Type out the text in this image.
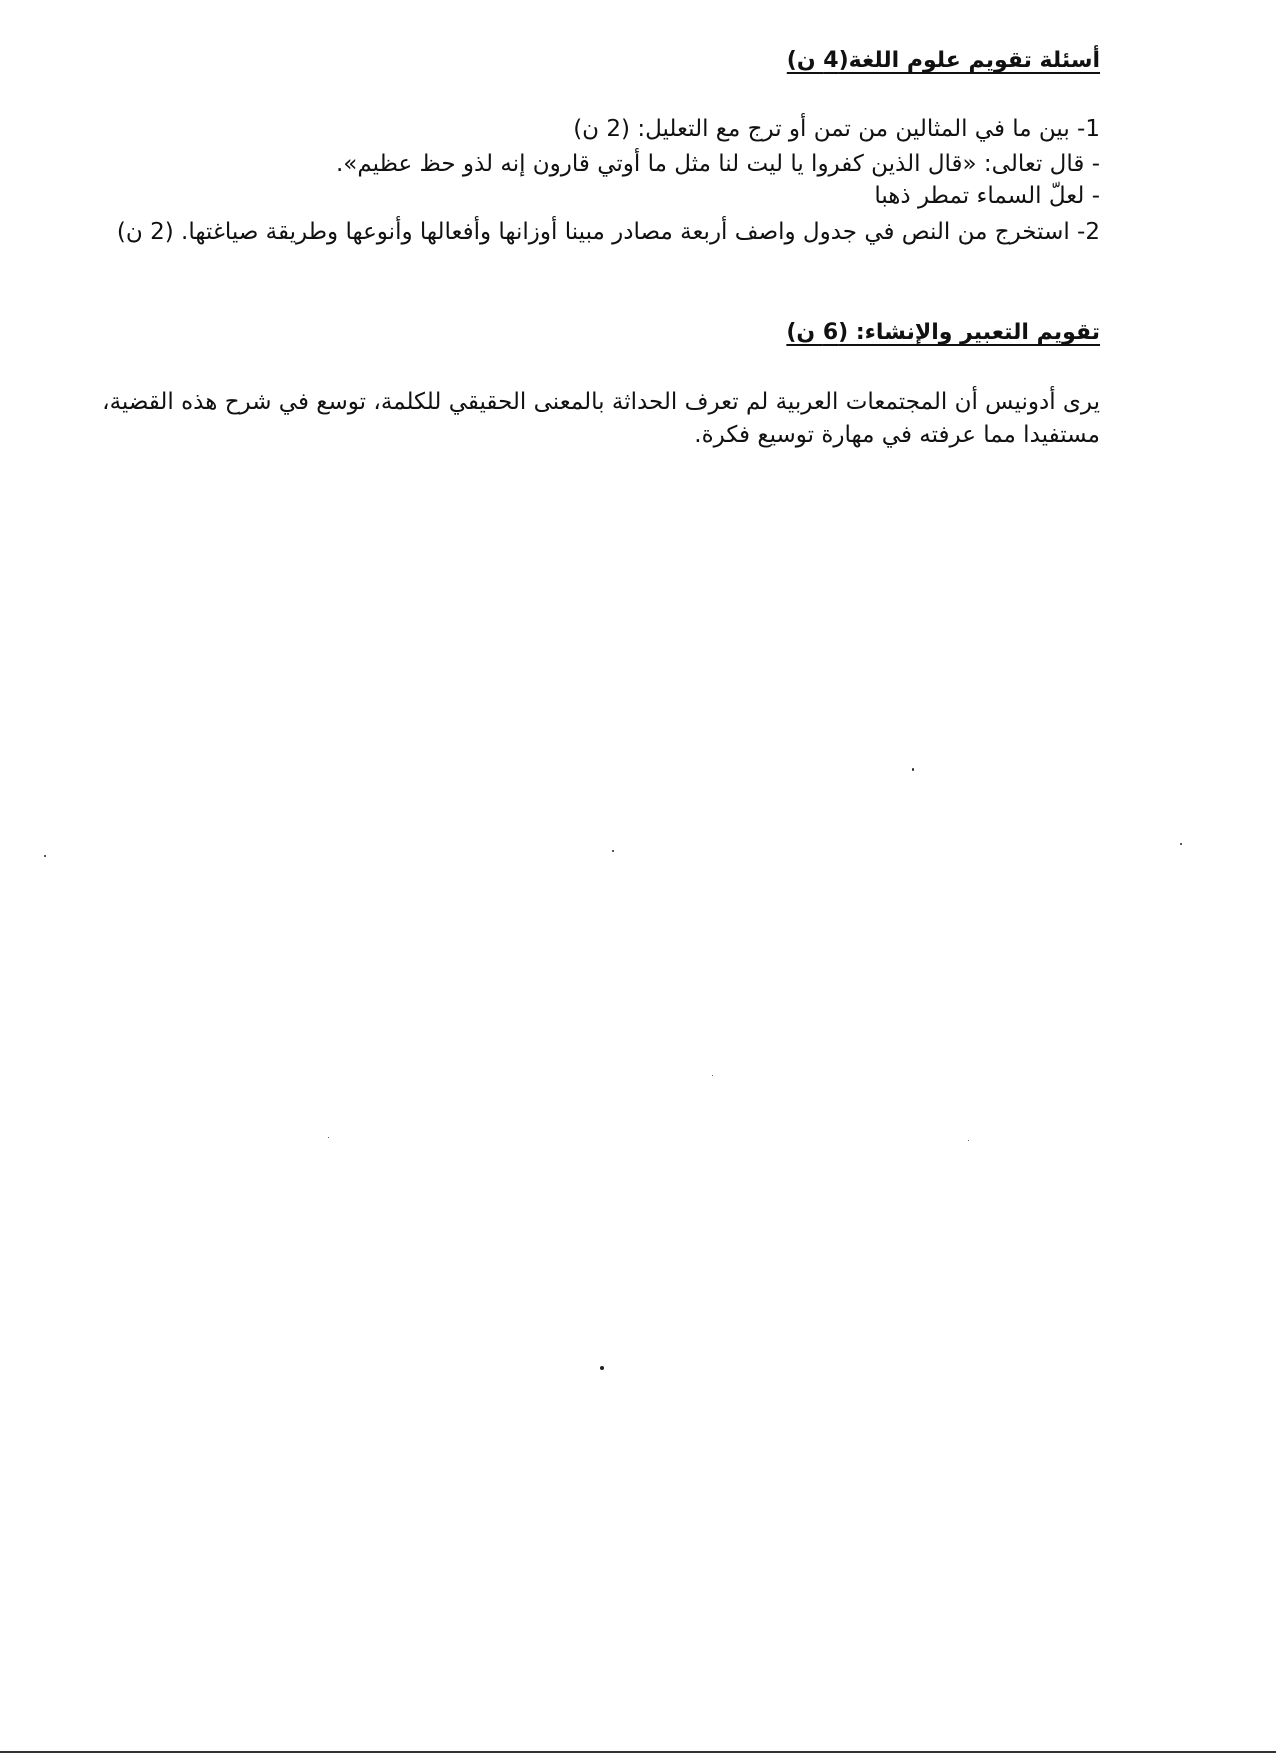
أسئلة تقويم علوم اللغة(4 ن)
1- بين ما في المثالين من تمن أو ترج مع التعليل: (2 ن)
- قال تعالى: «قال الذين كفروا يا ليت لنا مثل ما أوتي قارون إنه لذو حظ عظيم».
- لعلّ السماء تمطر ذهبا
2- استخرج من النص في جدول واصف أربعة مصادر مبينا أوزانها وأفعالها وأنوعها وطريقة صياغتها. (2 ن)
تقويم التعبير والإنشاء: (6 ن)
يرى أدونيس أن المجتمعات العربية لم تعرف الحداثة بالمعنى الحقيقي للكلمة، توسع في شرح هذه القضية، مستفيدا مما عرفته في مهارة توسيع فكرة.
